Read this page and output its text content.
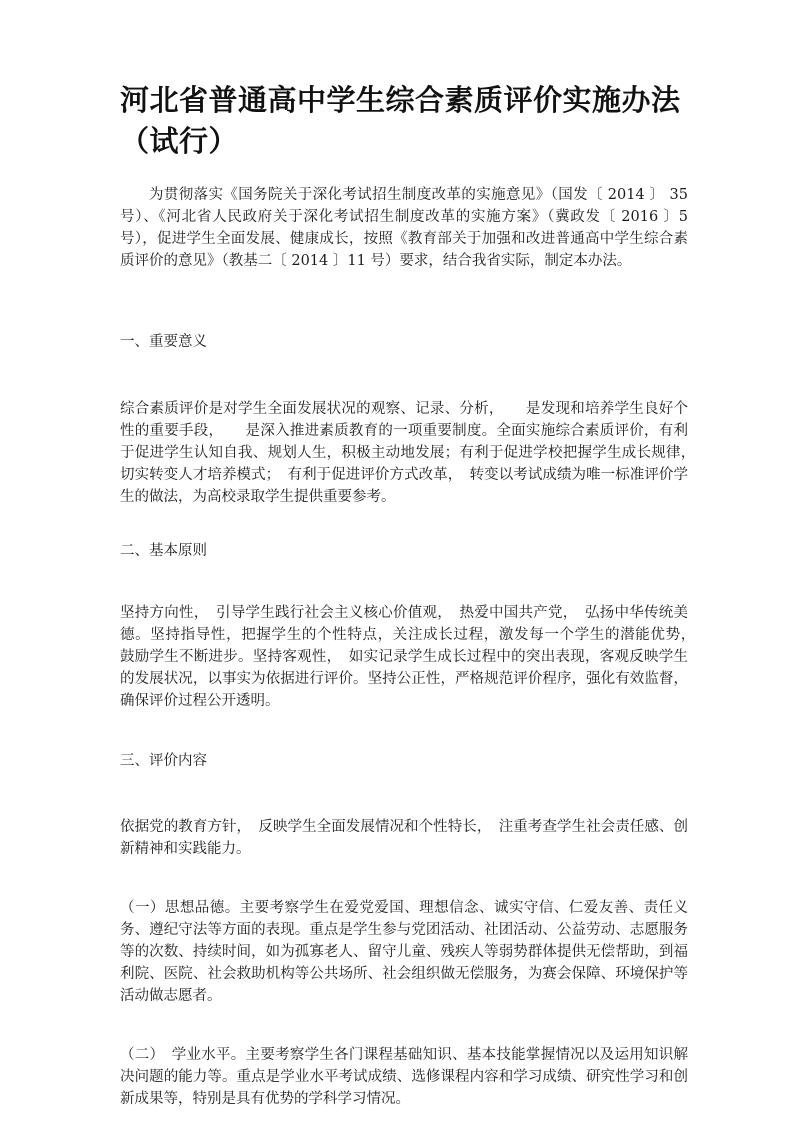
河北省普通高中学生综合素质评价实施办法（试行）

为贯彻落实《国务院关于深化考试招生制度改革的实施意见》（国发〔 2014 〕 35 号）、《河北省人民政府关于深化考试招生制度改革的实施方案》（冀政发〔 2016 〕5 号），促进学生全面发展、健康成长，按照《教育部关于加强和改进普通高中学生综合素质评价的意见》（教基二〔 2014 〕11 号）要求，结合我省实际，制定本办法。

一、重要意义

综合素质评价是对学生全面发展状况的观察、记录、分析，　　是发现和培养学生良好个性的重要手段，　　是深入推进素质教育的一项重要制度。全面实施综合素质评价，有利于促进学生认知自我、规划人生，积极主动地发展；有利于促进学校把握学生成长规律，　切实转变人才培养模式；　有利于促进评价方式改革，　转变以考试成绩为唯一标准评价学生的做法，为高校录取学生提供重要参考。

二、基本原则

坚持方向性，　引导学生践行社会主义核心价值观，　热爱中国共产党，　弘扬中华传统美德。坚持指导性，把握学生的个性特点，关注成长过程，激发每一个学生的潜能优势，　鼓励学生不断进步。坚持客观性，　如实记录学生成长过程中的突出表现，客观反映学生的发展状况，以事实为依据进行评价。坚持公正性，严格规范评价程序，强化有效监督，确保评价过程公开透明。

三、评价内容

依据党的教育方针，　反映学生全面发展情况和个性特长，　注重考查学生社会责任感、创新精神和实践能力。

（一）思想品德。主要考察学生在爱党爱国、理想信念、诚实守信、仁爱友善、责任义务、遵纪守法等方面的表现。重点是学生参与党团活动、社团活动、公益劳动、志愿服务等的次数、持续时间，如为孤寡老人、留守儿童、残疾人等弱势群体提供无偿帮助，到福利院、医院、社会救助机构等公共场所、社会组织做无偿服务，为赛会保障、环境保护等活动做志愿者。

（二）　学业水平。主要考察学生各门课程基础知识、基本技能掌握情况以及运用知识解决问题的能力等。重点是学业水平考试成绩、选修课程内容和学习成绩、研究性学习和创新成果等，特别是具有优势的学科学习情况。
